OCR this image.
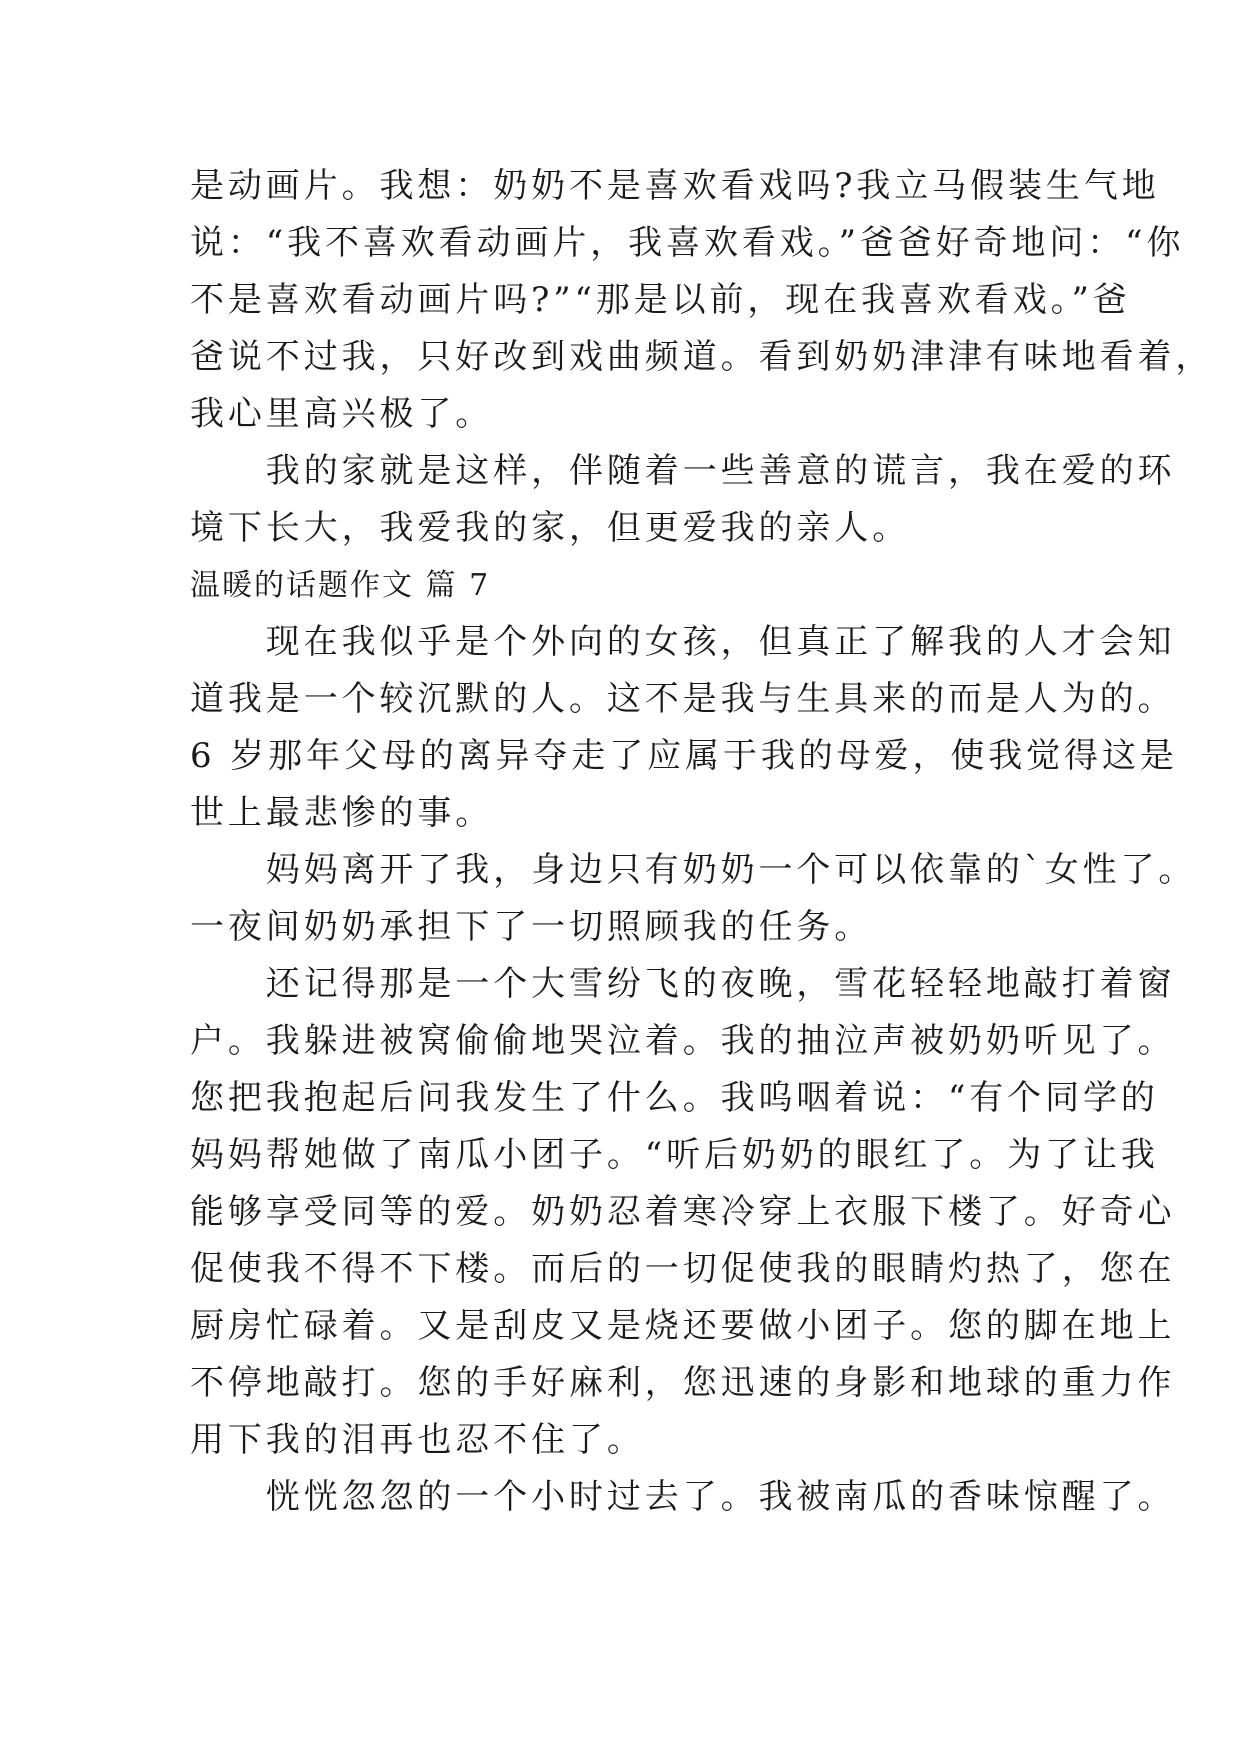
是动画片。我想：奶奶不是喜欢看戏吗?我立马假装生气地
说：“我不喜欢看动画片，我喜欢看戏。”爸爸好奇地问：“你
不是喜欢看动画片吗?”“那是以前，现在我喜欢看戏。”爸
爸说不过我，只好改到戏曲频道。看到奶奶津津有味地看着，
我心里高兴极了。
　　我的家就是这样，伴随着一些善意的谎言，我在爱的环
境下长大，我爱我的家，但更爱我的亲人。
温暖的话题作文 篇 7
　　现在我似乎是个外向的女孩，但真正了解我的人才会知
道我是一个较沉默的人。这不是我与生具来的而是人为的。
6 岁那年父母的离异夺走了应属于我的母爱，使我觉得这是
世上最悲惨的事。
　　妈妈离开了我，身边只有奶奶一个可以依靠的`女性了。
一夜间奶奶承担下了一切照顾我的任务。
　　还记得那是一个大雪纷飞的夜晚，雪花轻轻地敲打着窗
户。我躲进被窝偷偷地哭泣着。我的抽泣声被奶奶听见了。
您把我抱起后问我发生了什么。我呜咽着说：“有个同学的
妈妈帮她做了南瓜小团子。“听后奶奶的眼红了。为了让我
能够享受同等的爱。奶奶忍着寒冷穿上衣服下楼了。好奇心
促使我不得不下楼。而后的一切促使我的眼睛灼热了，您在
厨房忙碌着。又是刮皮又是烧还要做小团子。您的脚在地上
不停地敲打。您的手好麻利，您迅速的身影和地球的重力作
用下我的泪再也忍不住了。
　　恍恍忽忽的一个小时过去了。我被南瓜的香味惊醒了。
